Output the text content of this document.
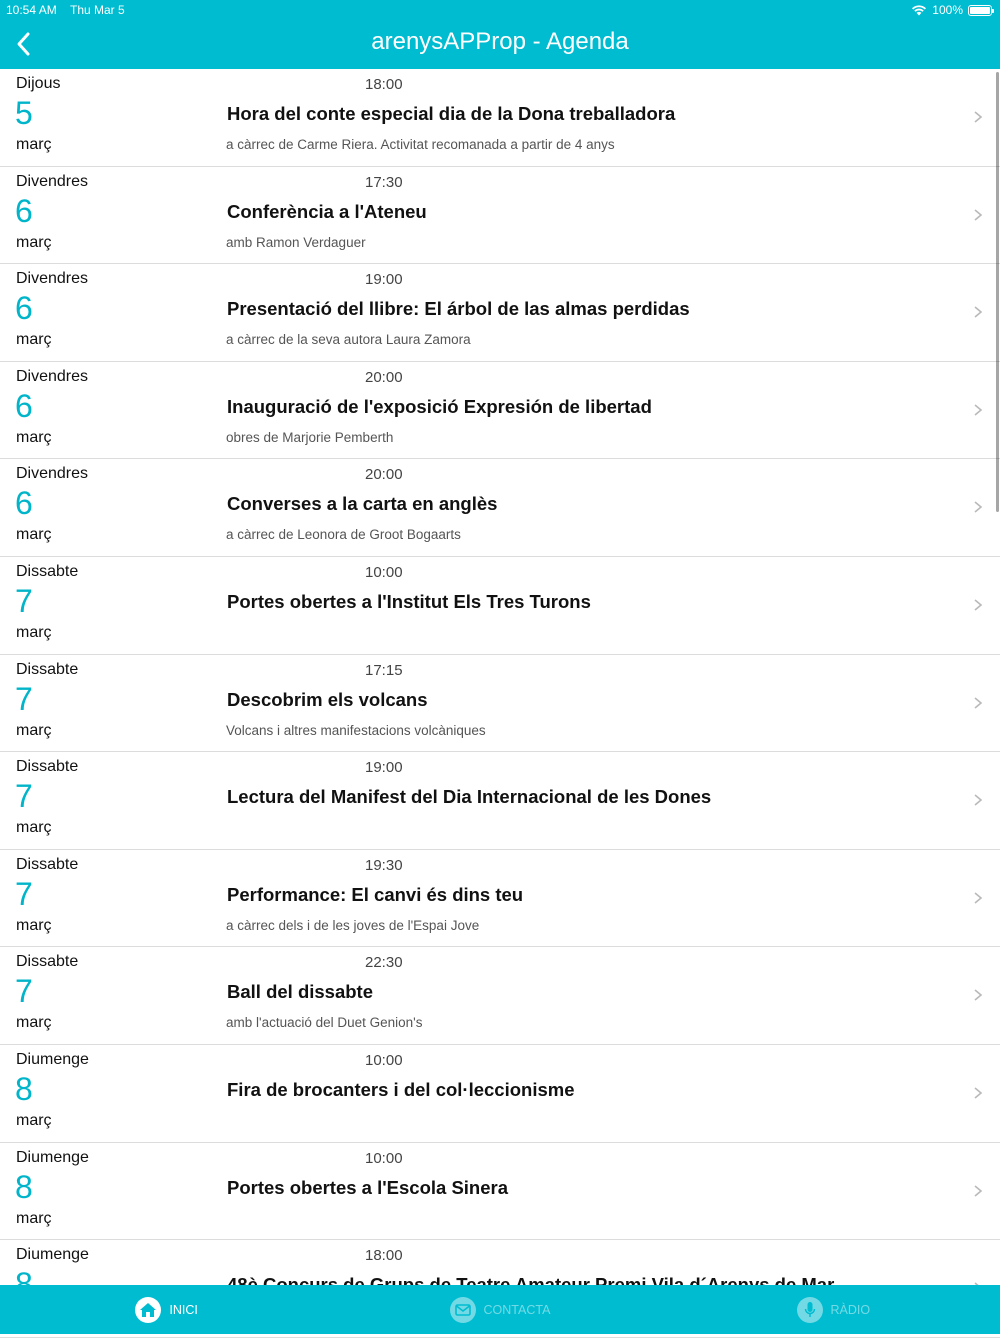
10:54 AM Thu Mar 5	100%
arenysAPProp - Agenda
Dijous
5
març
18:00
Hora del conte especial dia de la Dona treballadora
a càrrec de Carme Riera. Activitat recomanada a partir de 4 anys
Divendres
6
març
17:30
Conferència a l'Ateneu
amb Ramon Verdaguer
Divendres
6
març
19:00
Presentació del llibre: El árbol de las almas perdidas
a càrrec de la seva autora Laura Zamora
Divendres
6
març
20:00
Inauguració de l'exposició Expresión de libertad
obres de Marjorie Pemberth
Divendres
6
març
20:00
Converses a la carta en anglès
a càrrec de Leonora de Groot Bogaarts
Dissabte
7
març
10:00
Portes obertes a l'Institut Els Tres Turons
Dissabte
7
març
17:15
Descobrim els volcans
Volcans i altres manifestacions volcàniques
Dissabte
7
març
19:00
Lectura del Manifest del Dia Internacional de les Dones
Dissabte
7
març
19:30
Performance: El canvi és dins teu
a càrrec dels i de les joves de l'Espai Jove
Dissabte
7
març
22:30
Ball del dissabte
amb l'actuació del Duet Genion's
Diumenge
8
març
10:00
Fira de brocanters i del col·leccionisme
Diumenge
8
març
10:00
Portes obertes a l'Escola Sinera
Diumenge	18:00
INICI	CONTACTA	RÀDIO
